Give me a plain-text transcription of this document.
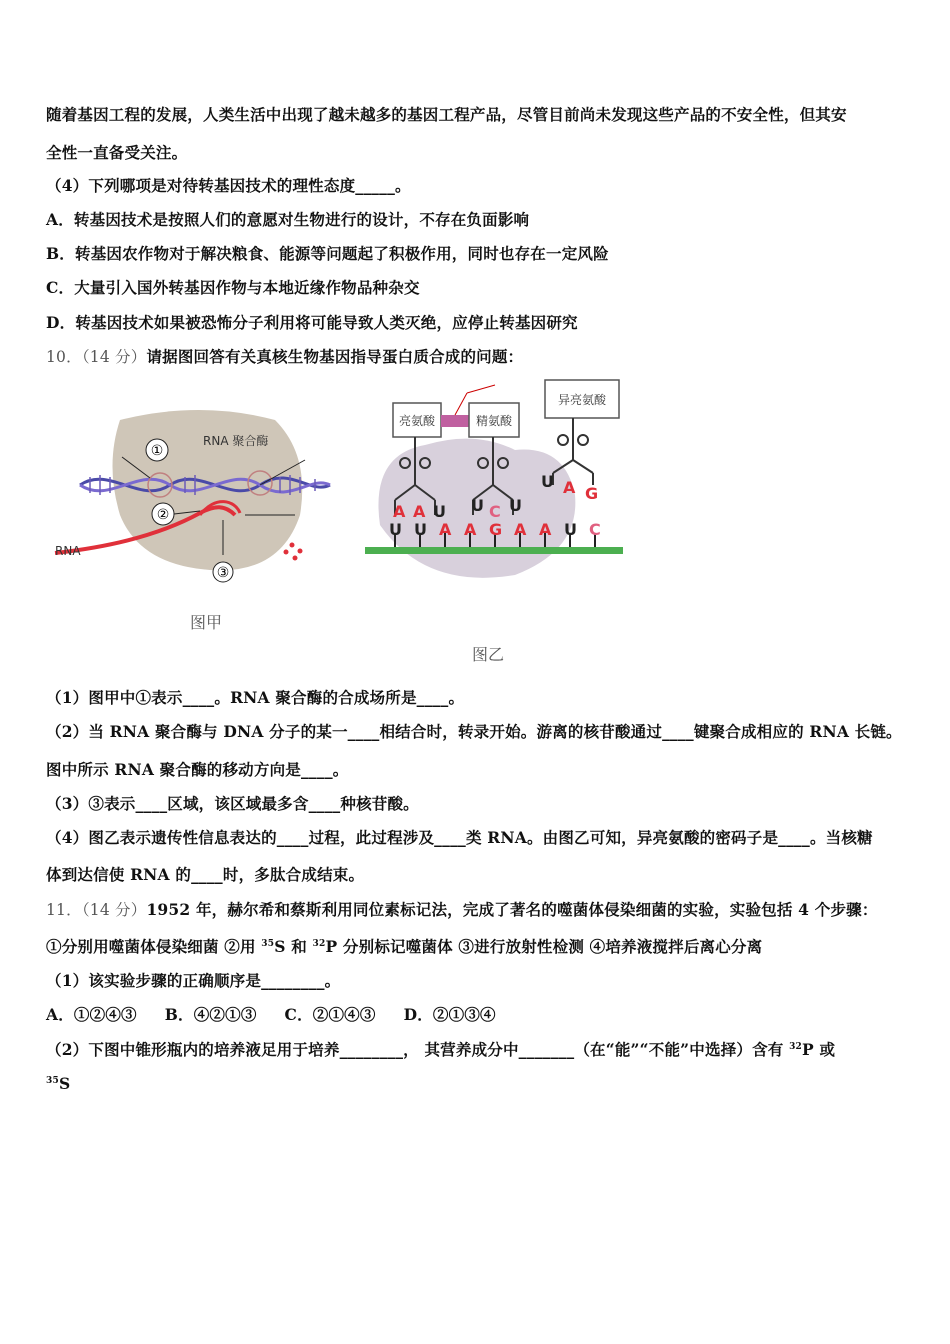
随着基因工程的发展，人类生活中出现了越未越多的基因工程产品，尽管目前尚未发现这些产品的不安全性，但其安
全性一直备受关注。
（4）下列哪项是对待转基因技术的理性态度_____。
A．转基因技术是按照人们的意愿对生物进行的设计，不存在负面影响
B．转基因农作物对于解决粮食、能源等问题起了积极作用，同时也存在一定风险
C．大量引入国外转基因作物与本地近缘作物品种杂交
D．转基因技术如果被恐怖分子利用将可能导致人类灭绝，应停止转基因研究
10．（14 分）请据图回答有关真核生物基因指导蛋白质合成的问题：
①
②
RNA 聚合酶
RNA
③
图甲
亮氨酸	精氨酸
异亮氨酸
A A U U C U
U A G
U U A A G A A U C
图乙
（1）图甲中①表示____。RNA 聚合酶的合成场所是____。
（2）当 RNA 聚合酶与 DNA 分子的某一____相结合时，转录开始。游离的核苷酸通过____键聚合成相应的 RNA 长链。
图中所示 RNA 聚合酶的移动方向是____。
（3）③表示____区域，该区域最多含____种核苷酸。
（4）图乙表示遗传性信息表达的____过程，此过程涉及____类 RNA。由图乙可知，异亮氨酸的密码子是____。当核糖
体到达信使 RNA 的____时，多肽合成结束。
11．（14 分）1952 年，赫尔希和蔡斯利用同位素标记法，完成了著名的噬菌体侵染细菌的实验，实验包括 4 个步骤：
①分别用噬菌体侵染细菌 ②用 $^{35}$S 和 $^{32}$P 分别标记噬菌体 ③进行放射性检测 ④培养液搅拌后离心分离
（1）该实验步骤的正确顺序是________。
A．①②④③ B．④②①③ C．②①④③ D．②①③④
（2）下图中锥形瓶内的培养液足用于培养________， 其营养成分中_______（在“能”“不能”中选择）含有 $^{32}$P 或
$^{35}$S
